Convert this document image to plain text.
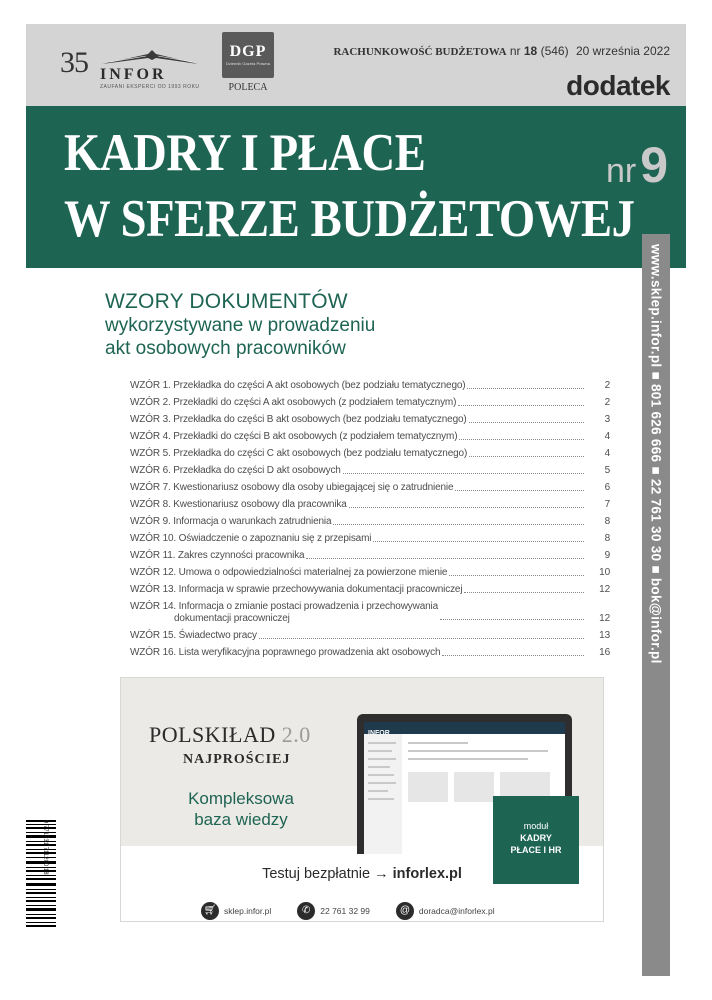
35 INFOR
ZAUFANI EKSPERCI OD 1993 ROKU
DGP
Dziennik Gazeta Prawna
POLECA
RACHUNKOWOŚĆ BUDŻETOWA nr 18 (546) 20 września 2022
dodatek
KADRY I PŁACE
W SFERZE BUDŻETOWEJ
nr9
www.sklep.infor.pl ■ 801 626 666 ■ 22 761 30 30 ■ bok@infor.pl
WZORY DOKUMENTÓW
wykorzystywane w prowadzeniu
akt osobowych pracowników
WZÓR 1. Przekładka do części A akt osobowych (bez podziału tematycznego)	2
WZÓR 2. Przekładki do części A akt osobowych (z podziałem tematycznym)	2
WZÓR 3. Przekładka do części B akt osobowych (bez podziału tematycznego)	3
WZÓR 4. Przekładki do części B akt osobowych (z podziałem tematycznym)	4
WZÓR 5. Przekładka do części C akt osobowych (bez podziału tematycznego)	4
WZÓR 6. Przekładka do części D akt osobowych	5
WZÓR 7. Kwestionariusz osobowy dla osoby ubiegającej się o zatrudnienie	6
WZÓR 8. Kwestionariusz osobowy dla pracownika	7
WZÓR 9. Informacja o warunkach zatrudnienia	8
WZÓR 10. Oświadczenie o zapoznaniu się z przepisami	8
WZÓR 11. Zakres czynności pracownika	9
WZÓR 12. Umowa o odpowiedzialności materialnej za powierzone mienie	10
WZÓR 13. Informacja w sprawie przechowywania dokumentacji pracowniczej	12
WZÓR 14. Informacja o zmianie postaci prowadzenia i przechowywania
dokumentacji pracowniczej	12
WZÓR 15. Świadectwo pracy	13
WZÓR 16. Lista weryfikacyjna poprawnego prowadzenia akt osobowych	16
POLSKIŁAD 2.0
NAJPROŚCIEJ
Kompleksowa
baza wiedzy	moduł
KADRY
PŁACE I HR
Testuj bezpłatnie → inforlex.pl
🛒︎ sklep.infor.pl	✆	22 761 32 99	@	doradca@inforlex.pl
9 771731 711200 18
